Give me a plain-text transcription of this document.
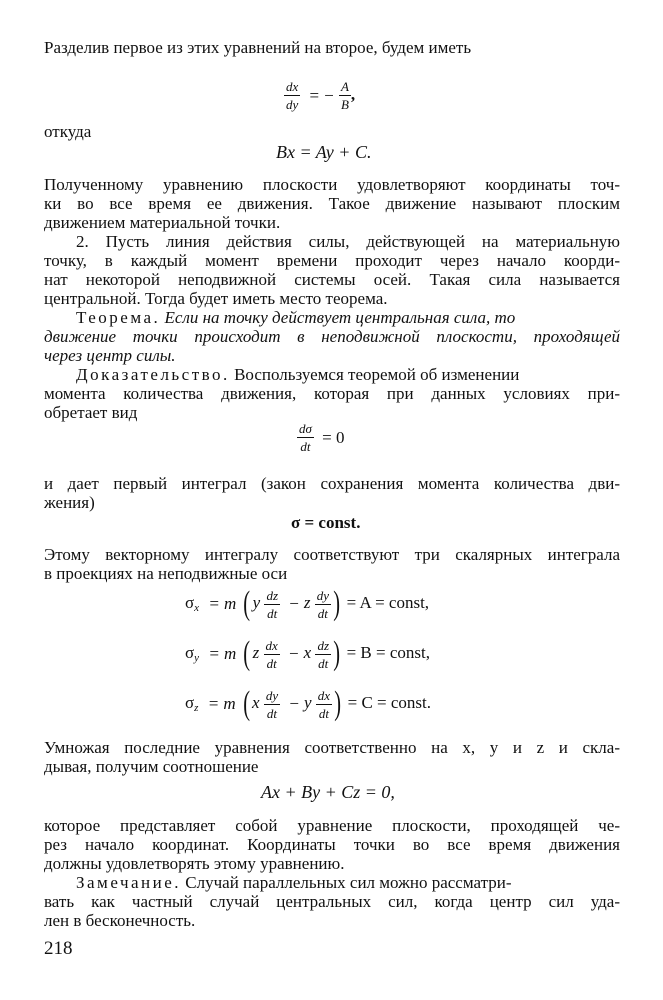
Разделив первое из этих уравнений на второе, будем иметь
$\frac{dx}{dy}$ = − $\frac{A}{B}$ ,
откуда
Bx = Ay + C.
Полученному уравнению плоскости удовлетворяют координаты точ-
ки во все время ее движения. Такое движение называют плоским
движением материальной точки.
2. Пусть линия действия силы, действующей на материальную
точку, в каждый момент времени проходит через начало коорди-
нат некоторой неподвижной системы осей. Такая сила называется
центральной. Тогда будет иметь место теорема.
Теорема. Если на точку действует центральная сила, то
движение точки происходит в неподвижной плоскости, проходящей
через центр силы.
Доказательство. Воспользуемся теоремой об изменении
момента количества движения, которая при данных условиях при-
обретает вид
$\frac{d\sigma}{dt} = 0$
и дает первый интеграл (закон сохранения момента количества дви-
жения)
σ = const.
Этому векторному интегралу соответствуют три скалярных интеграла
в проекциях на неподвижные оси
$\sigma_x = m$ ( y $\frac{dz}{dt} - z \frac{dy}{dt}$ ) = A = const,
$\sigma_y = m$ ( z $\frac{dx}{dt} - x \frac{dz}{dt}$ ) = B = const,
$\sigma_z = m$ ( x $\frac{dy}{dt} - y \frac{dx}{dt}$ ) = C = const.
Умножая последние уравнения соответственно на x, y и z и скла-
дывая, получим соотношение
Ax + By + Cz = 0,
которое представляет собой уравнение плоскости, проходящей че-
рез начало координат. Координаты точки во все время движения
должны удовлетворять этому уравнению.
Замечание. Случай параллельных сил можно рассматри-
вать как частный случай центральных сил, когда центр сил уда-
лен в бесконечность.
218
